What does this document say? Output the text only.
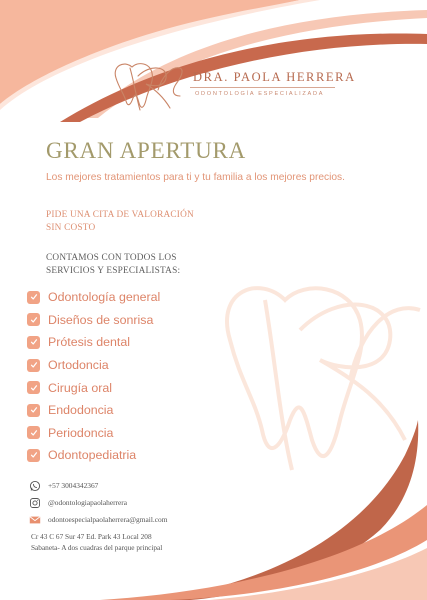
DRA. PAOLA HERRERA
ODONTOLOGÍA ESPECIALIZADA
GRAN APERTURA
Los mejores tratamientos para ti y tu familia a los mejores precios.
PIDE UNA CITA DE VALORACIÓN
SIN COSTO
CONTAMOS CON TODOS LOS
SERVICIOS Y ESPECIALISTAS:
Odontología general
Diseños de sonrisa
Prótesis dental
Ortodoncia
Cirugía oral
Endodoncia
Periodoncia
Odontopediatria
+57 3004342367
@odontologiapaolaherrera
odontoespecialpaolaherrera@gmail.com
Cr 43 C 67 Sur 47 Ed. Park 43 Local 208
Sabaneta- A dos cuadras del parque principal
